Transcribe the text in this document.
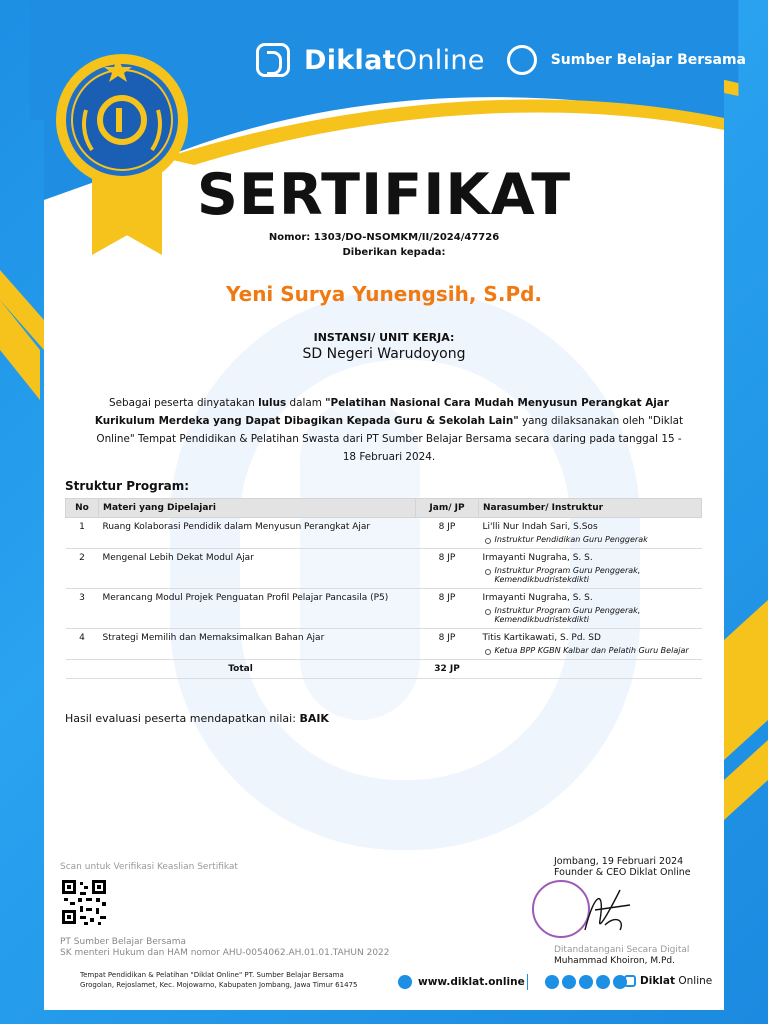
DiklatOnline	Sumber Belajar Bersama
SERTIFIKAT
Nomor: 1303/DO-NSOMKM/II/2024/47726
Diberikan kepada:
Yeni Surya Yunengsih, S.Pd.
INSTANSI/ UNIT KERJA:
SD Negeri Warudoyong
Sebagai peserta dinyatakan lulus dalam "Pelatihan Nasional Cara Mudah Menyusun Perangkat Ajar Kurikulum Merdeka yang Dapat Dibagikan Kepada Guru & Sekolah Lain" yang dilaksanakan oleh "Diklat Online" Tempat Pendidikan & Pelatihan Swasta dari PT Sumber Belajar Bersama secara daring pada tanggal 15 - 18 Februari 2024.
Struktur Program:
No	Materi yang Dipelajari	Jam/ JP	Narasumber/ Instruktur
1	Ruang Kolaborasi Pendidik dalam Menyusun Perangkat Ajar	8 JP	Li'lli Nur Indah Sari, S.Sos
Instruktur Pendidikan Guru Penggerak

2	Mengenal Lebih Dekat Modul Ajar	8 JP	Irmayanti Nugraha, S. S.
Instruktur Program Guru Penggerak, Kemendikbudristekdikti

3	Merancang Modul Projek Penguatan Profil Pelajar Pancasila (P5)	8 JP	Irmayanti Nugraha, S. S.
Instruktur Program Guru Penggerak, Kemendikbudristekdikti

4	Strategi Memilih dan Memaksimalkan Bahan Ajar	8 JP	Titis Kartikawati, S. Pd. SD
Ketua BPP KGBN Kalbar dan Pelatih Guru Belajar

Total		32 JP	
Hasil evaluasi peserta mendapatkan nilai: BAIK
Scan untuk Verifikasi Keaslian Sertifikat
PT Sumber Belajar Bersama
SK menteri Hukum dan HAM nomor AHU-0054062.AH.01.01.TAHUN 2022
Tempat Pendidikan & Pelatihan "Diklat Online" PT. Sumber Belajar Bersama
Grogolan, Rejoslamet, Kec. Mojowarno, Kabupaten Jombang, Jawa Timur 61475
Jombang, 19 Februari 2024
Founder & CEO Diklat Online
Ditandatangani Secara Digital Muhammad Khoiron, M.Pd.
www.diklat.online	Diklat Online
